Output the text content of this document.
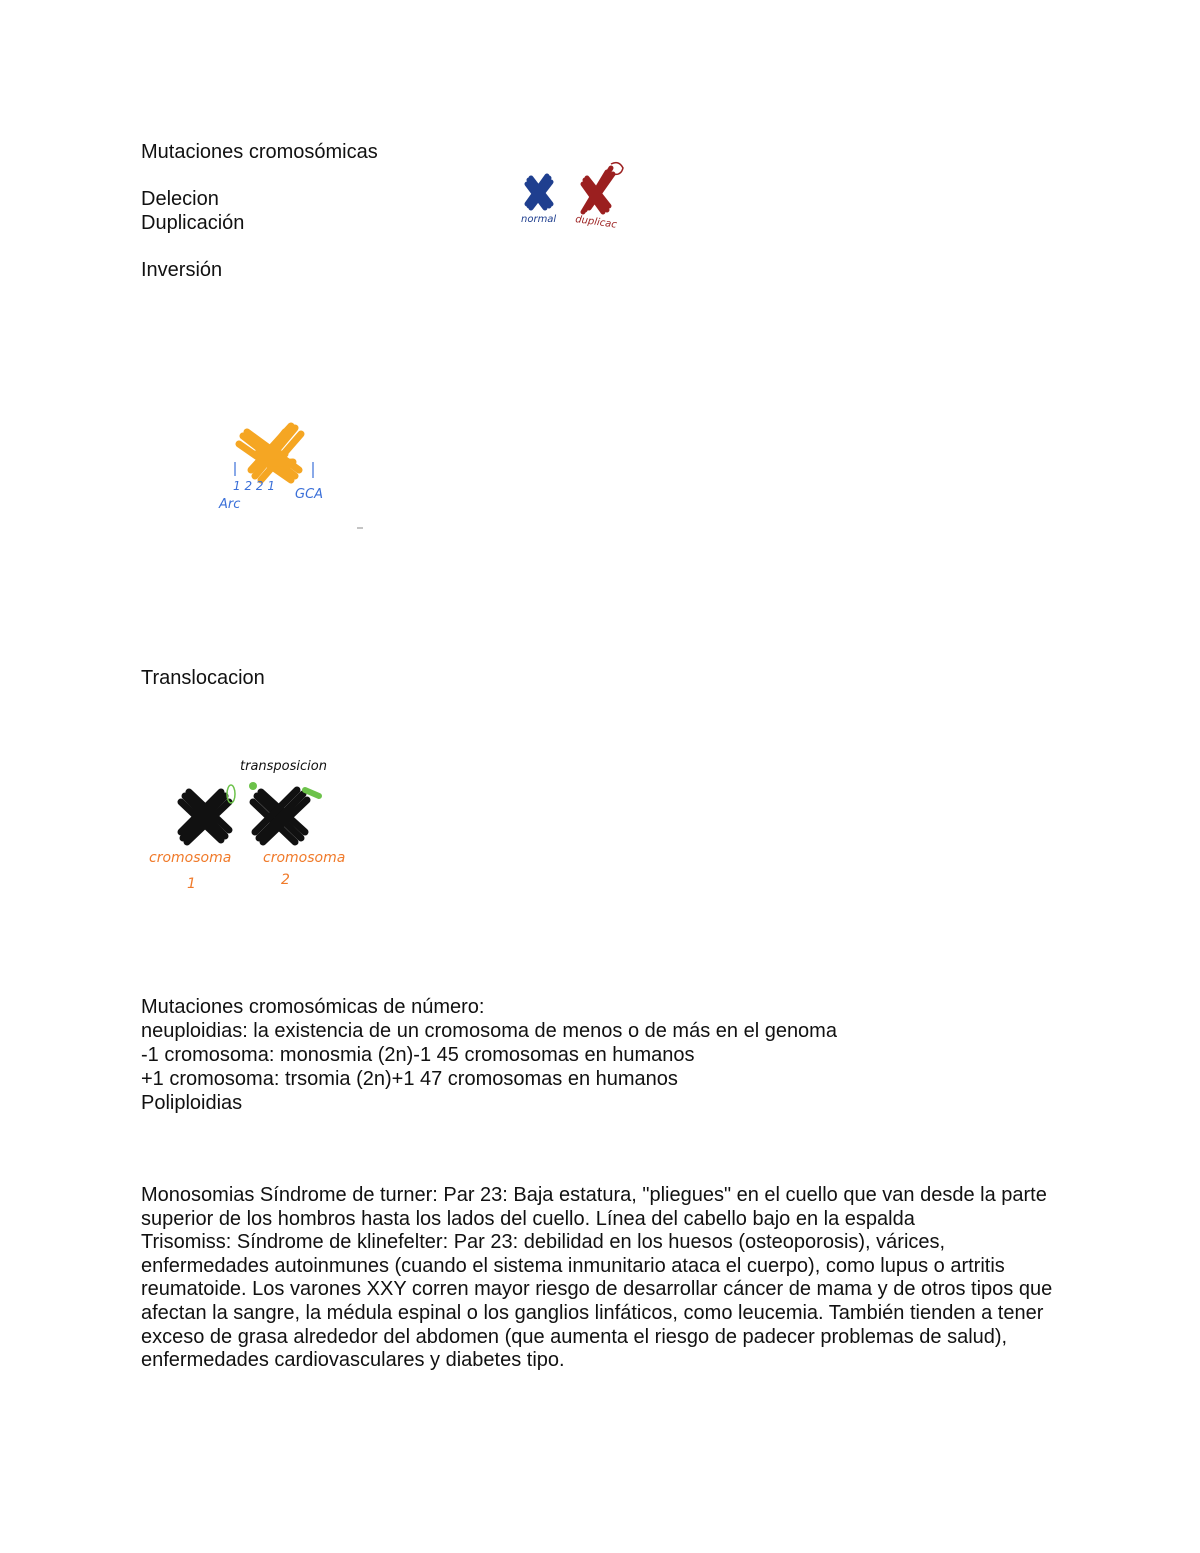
Mutaciones cromosómicas
Delecion
Duplicación
Inversión
normal duplicac
1 2 2 1
Arc
GCA
Translocacion
transposicion
cromosoma cromosoma
1	2
Mutaciones cromosómicas de número:
neuploidias: la existencia de un cromosoma de menos o de más en el genoma
-1 cromosoma: monosmia (2n)-1 45 cromosomas en humanos
+1 cromosoma: trsomia (2n)+1 47 cromosomas en humanos
Poliploidias

Monosomias Síndrome de turner: Par 23: Baja estatura, "pliegues" en el cuello que van desde la parte superior de los hombros hasta los lados del cuello. Línea del cabello bajo en la espalda

Trisomiss: Síndrome de klinefelter: Par 23: debilidad en los huesos (osteoporosis), várices, enfermedades autoinmunes (cuando el sistema inmunitario ataca el cuerpo), como lupus o artritis reumatoide. Los varones XXY corren mayor riesgo de desarrollar cáncer de mama y de otros tipos que afectan la sangre, la médula espinal o los ganglios linfáticos, como leucemia. También tienden a tener exceso de grasa alrededor del abdomen (que aumenta el riesgo de padecer problemas de salud), enfermedades cardiovasculares y diabetes tipo.
